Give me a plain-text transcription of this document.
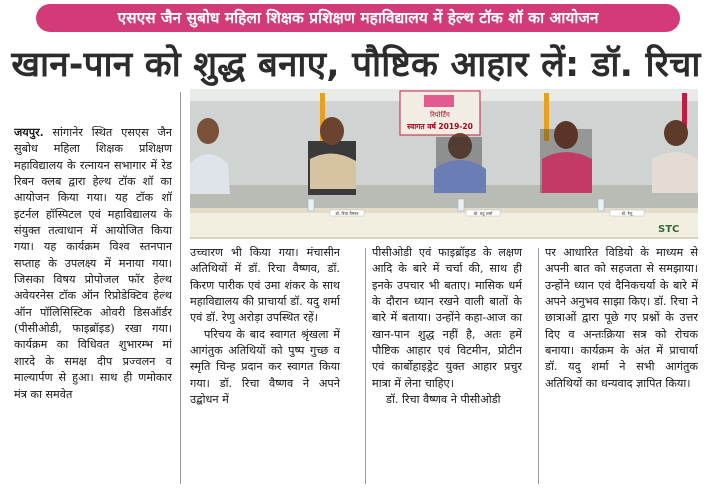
एसएस जैन सुबोध महिला शिक्षक प्रशिक्षण महाविद्यालय में हेल्थ टॉक शॉ का आयोजन
खान-पान को शुद्ध बनाए, पौष्टिक आहार लें: डॉ. रिचा

जयपुर. सांगानेर स्थित एसएस जैन सुबोध महिला शिक्षक प्रशिक्षण महाविद्यालय के रत्नायन सभागार में रेड रिबन क्लब द्वारा हेल्थ टॉक शॉ का आयोजन किया गया। यह टॉक शॉ इटर्नल हॉस्पिटल एवं महाविद्यालय के संयुक्त तत्वाधान में आयोजित किया गया। यह कार्यक्रम विश्व स्तनपान सप्ताह के उपलक्ष्य में मनाया गया। जिसका विषय प्रोपोजल फॉर हेल्थ अवेयरनेस टॉक ऑन रिप्रोडेक्टिव हेल्थ ऑन पॉलिसिस्टिक ओवरी डिसऑर्डर (पीसीओडी, फाइब्रॉइड) रखा गया। कार्यक्रम का विधिवत शुभारम्भ मां शारदे के समक्ष दीप प्रज्वलन व माल्यार्पण से हुआ। साथ ही णमोकार मंत्र का समवेत

रिपोर्टिंग
स्वागत वर्ष 2019-20
डॉ. रिचा वैष्णव	डॉ. यदु शर्मा	डॉ. रेणु
STC

उच्चारण भी किया गया। मंचासीन अतिथियों में डॉ. रिचा वैष्णव, डॉ. किरण पारीक एवं उमा शंकर के साथ महाविद्यालय की प्राचार्या डॉ. यदु शर्मा एवं डॉ. रेणु अरोड़ा उपस्थित रहें।

परिचय के बाद स्वागत श्रृंखला में आगंतुक अतिथियों को पुष्प गुच्छ व स्मृति चिन्ह प्रदान कर स्वागत किया गया। डॉ. रिचा वैष्णव ने अपने उद्बोधन में

पीसीओडी एवं फाइब्रॉइड के लक्षण आदि के बारे में चर्चा की, साथ ही इनके उपचार भी बताए। मासिक धर्म के दौरान ध्यान रखने वाली बातों के बारे में बताया। उन्होंने कहा-आज का खान-पान शुद्ध नहीं है, अतः हमें पौष्टिक आहार एवं विटमीन, प्रोटीन एवं कार्बोहाइड्रेट युक्त आहार प्रचुर मात्रा में लेना चाहिए।

डॉ. रिचा वैष्णव ने पीसीओडी

पर आधारित विडियो के माध्यम से अपनी बात को सहजता से समझाया। उन्होंने ध्यान एवं दैनिकचर्या के बारे में अपने अनुभव साझा किए। डॉ. रिचा ने छात्राओं द्वारा पूछे गए प्रश्नों के उत्तर दिए व अन्तःक्रिया सत्र को रोचक बनाया। कार्यक्रम के अंत में प्राचार्या डॉ. यदु शर्मा ने सभी आगंतुक अतिथियों का धन्यवाद ज्ञापित किया।
